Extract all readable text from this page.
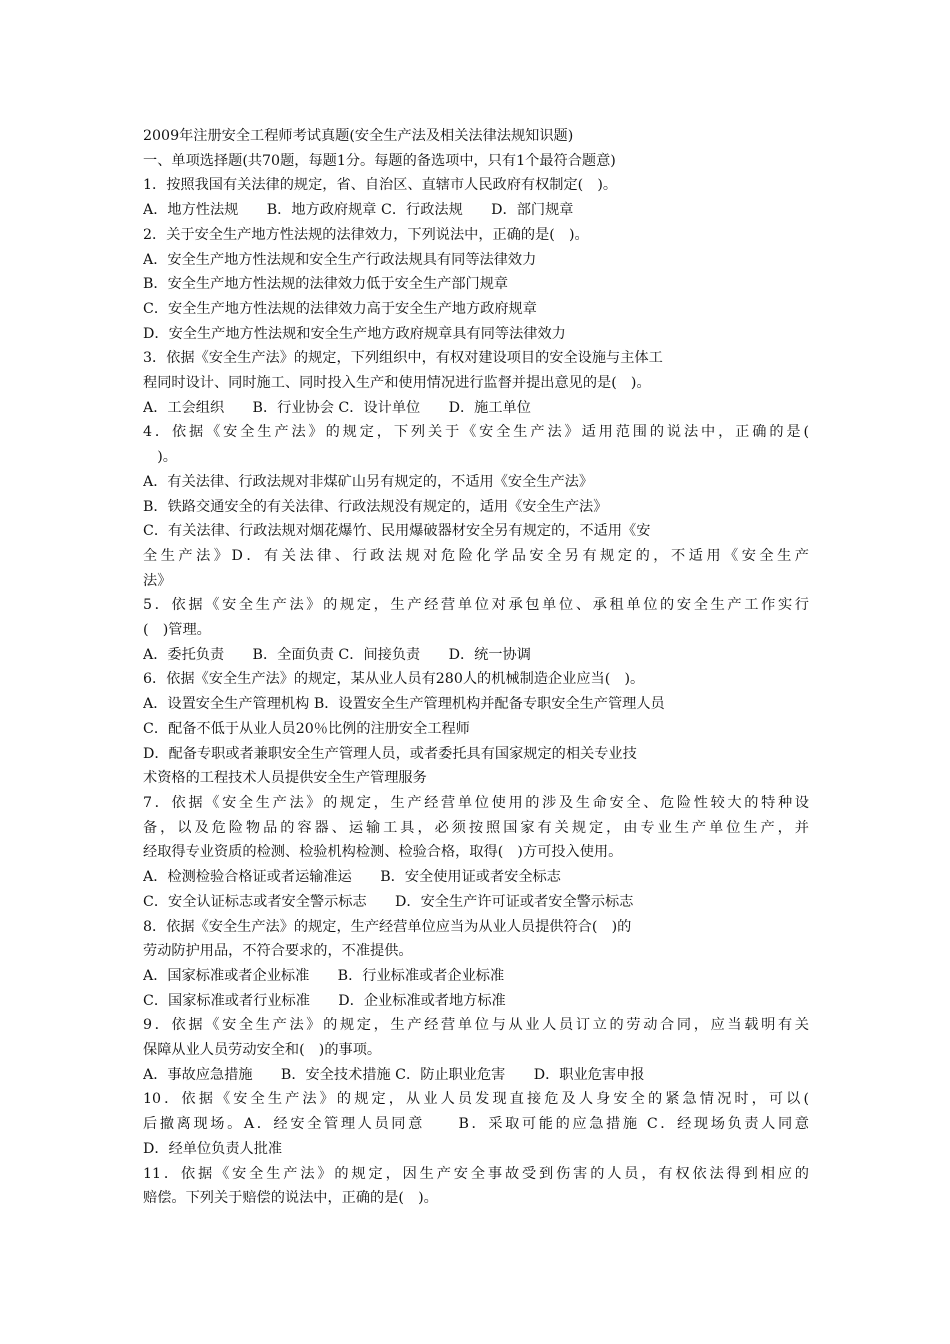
2009年注册安全工程师考试真题(安全生产法及相关法律法规知识题)

一、单项选择题(共70题，每题1分。每题的备选项中，只有1个最符合题意)

1．按照我国有关法律的规定，省、自治区、直辖市人民政府有权制定(　)。

A．地方性法规　　B．地方政府规章 C．行政法规　　D．部门规章

2．关于安全生产地方性法规的法律效力，下列说法中，正确的是(　)。

A．安全生产地方性法规和安全生产行政法规具有同等法律效力

B．安全生产地方性法规的法律效力低于安全生产部门规章

C．安全生产地方性法规的法律效力高于安全生产地方政府规章

D．安全生产地方性法规和安全生产地方政府规章具有同等法律效力

3．依据《安全生产法》的规定，下列组织中，有权对建设项目的安全设施与主体工

程同时设计、同时施工、同时投入生产和使用情况进行监督并提出意见的是(　)。

A．工会组织　　B．行业协会 C．设计单位　　D．施工单位

4．依据《安全生产法》的规定，下列关于《安全生产法》适用范围的说法中，正确的是(

　)。

A．有关法律、行政法规对非煤矿山另有规定的，不适用《安全生产法》

B．铁路交通安全的有关法律、行政法规没有规定的，适用《安全生产法》

C．有关法律、行政法规对烟花爆竹、民用爆破器材安全另有规定的，不适用《安

全生产法》D．有关法律、行政法规对危险化学品安全另有规定的，不适用《安全生产

法》

5．依据《安全生产法》的规定，生产经营单位对承包单位、承租单位的安全生产工作实行

(　)管理。

A．委托负责　　B．全面负责 C．间接负责　　D．统一协调

6．依据《安全生产法》的规定，某从业人员有280人的机械制造企业应当(　)。

A．设置安全生产管理机构 B．设置安全生产管理机构并配备专职安全生产管理人员

C．配备不低于从业人员20％比例的注册安全工程师

D．配备专职或者兼职安全生产管理人员，或者委托具有国家规定的相关专业技

术资格的工程技术人员提供安全生产管理服务

7．依据《安全生产法》的规定，生产经营单位使用的涉及生命安全、危险性较大的特种设

备，以及危险物品的容器、运输工具，必须按照国家有关规定，由专业生产单位生产，并

经取得专业资质的检测、检验机构检测、检验合格，取得(　)方可投入使用。

A．检测检验合格证或者运输准运　　B．安全使用证或者安全标志

C．安全认证标志或者安全警示标志　　D．安全生产许可证或者安全警示标志

8．依据《安全生产法》的规定，生产经营单位应当为从业人员提供符合(　)的

劳动防护用品，不符合要求的，不准提供。

A．国家标准或者企业标准　　B．行业标准或者企业标准

C．国家标准或者行业标准　　D．企业标准或者地方标准

9．依据《安全生产法》的规定，生产经营单位与从业人员订立的劳动合同，应当载明有关

保障从业人员劳动安全和(　)的事项。

A．事故应急措施　　B．安全技术措施 C．防止职业危害　　D．职业危害申报

10．依据《安全生产法》的规定，从业人员发现直接危及人身安全的紧急情况时，可以(

后撤离现场。A．经安全管理人员同意　　B．采取可能的应急措施 C．经现场负责人同意

D．经单位负责人批准

11．依据《安全生产法》的规定，因生产安全事故受到伤害的人员，有权依法得到相应的

赔偿。下列关于赔偿的说法中，正确的是(　)。
